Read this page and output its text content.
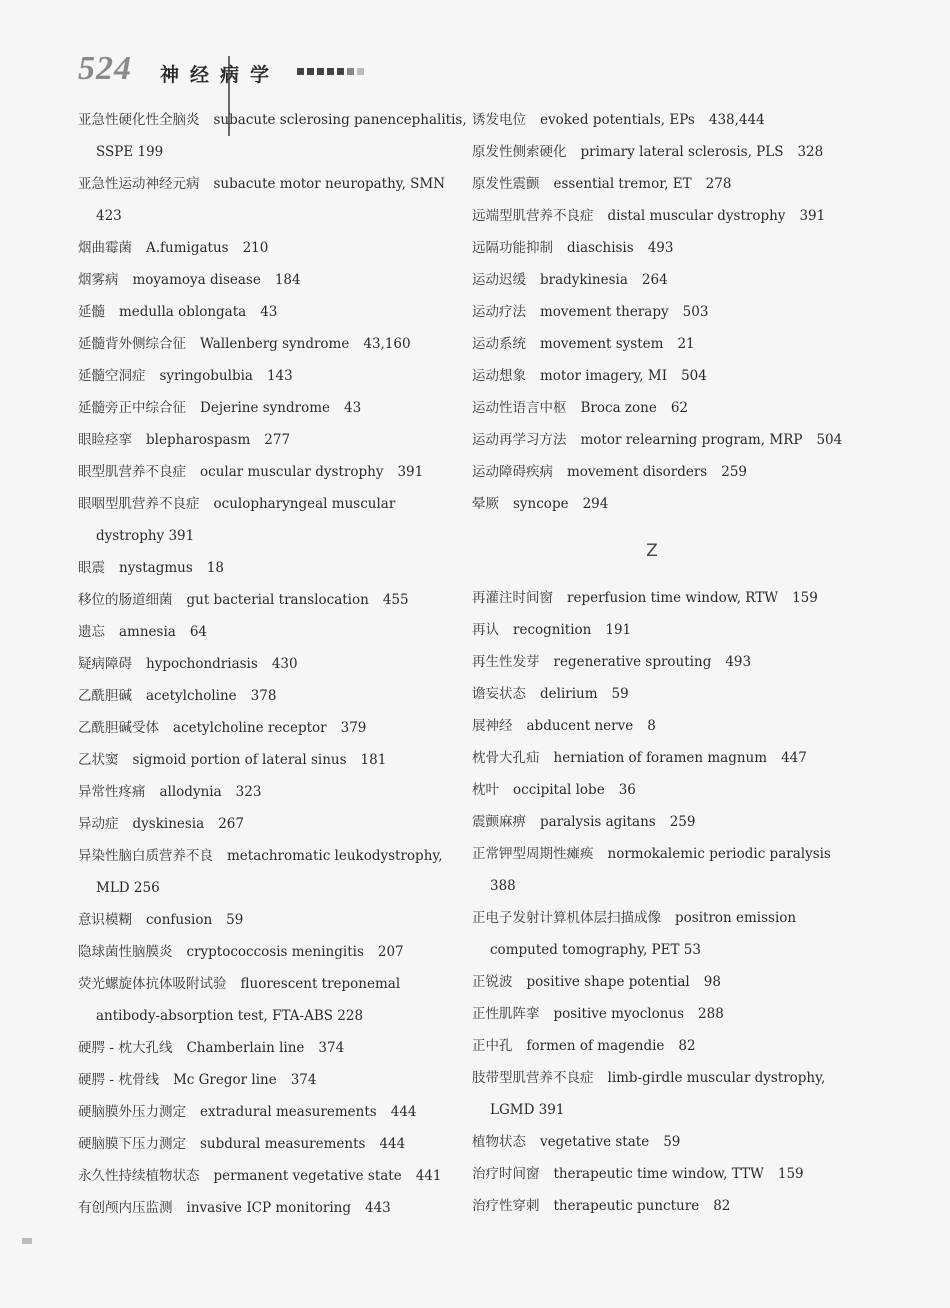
524 神经病学
亚急性硬化性全脑炎 subacute sclerosing panencephalitis,
SSPE 199
亚急性运动神经元病 subacute motor neuropathy, SMN
423
烟曲霉菌 A.fumigatus 210
烟雾病 moyamoya disease 184
延髓 medulla oblongata 43
延髓背外侧综合征 Wallenberg syndrome 43,160
延髓空洞症 syringobulbia 143
延髓旁正中综合征 Dejerine syndrome 43
眼睑痉挛 blepharospasm 277
眼型肌营养不良症 ocular muscular dystrophy 391
眼咽型肌营养不良症 oculopharyngeal muscular
dystrophy 391
眼震 nystagmus 18
移位的肠道细菌 gut bacterial translocation 455
遗忘 amnesia 64
疑病障碍 hypochondriasis 430
乙酰胆碱 acetylcholine 378
乙酰胆碱受体 acetylcholine receptor 379
乙状窦 sigmoid portion of lateral sinus 181
异常性疼痛 allodynia 323
异动症 dyskinesia 267
异染性脑白质营养不良 metachromatic leukodystrophy,
MLD 256
意识模糊 confusion 59
隐球菌性脑膜炎 cryptococcosis meningitis 207
荧光螺旋体抗体吸附试验 fluorescent treponemal
antibody-absorption test, FTA-ABS 228
硬腭 - 枕大孔线 Chamberlain line 374
硬腭 - 枕骨线 Mc Gregor line 374
硬脑膜外压力测定 extradural measurements 444
硬脑膜下压力测定 subdural measurements 444
永久性持续植物状态 permanent vegetative state 441
有创颅内压监测 invasive ICP monitoring 443
诱发电位 evoked potentials, EPs 438,444
原发性侧索硬化 primary lateral sclerosis, PLS 328
原发性震颤 essential tremor, ET 278
远端型肌营养不良症 distal muscular dystrophy 391
远隔功能抑制 diaschisis 493
运动迟缓 bradykinesia 264
运动疗法 movement therapy 503
运动系统 movement system 21
运动想象 motor imagery, MI 504
运动性语言中枢 Broca zone 62
运动再学习方法 motor relearning program, MRP 504
运动障碍疾病 movement disorders 259
晕厥 syncope 294
Z
再灌注时间窗 reperfusion time window, RTW 159
再认 recognition 191
再生性发芽 regenerative sprouting 493
谵妄状态 delirium 59
展神经 abducent nerve 8
枕骨大孔疝 herniation of foramen magnum 447
枕叶 occipital lobe 36
震颤麻痹 paralysis agitans 259
正常钾型周期性瘫痪 normokalemic periodic paralysis
388
正电子发射计算机体层扫描成像 positron emission
computed tomography, PET 53
正锐波 positive shape potential 98
正性肌阵挛 positive myoclonus 288
正中孔 formen of magendie 82
肢带型肌营养不良症 limb-girdle muscular dystrophy,
LGMD 391
植物状态 vegetative state 59
治疗时间窗 therapeutic time window, TTW 159
治疗性穿刺 therapeutic puncture 82
